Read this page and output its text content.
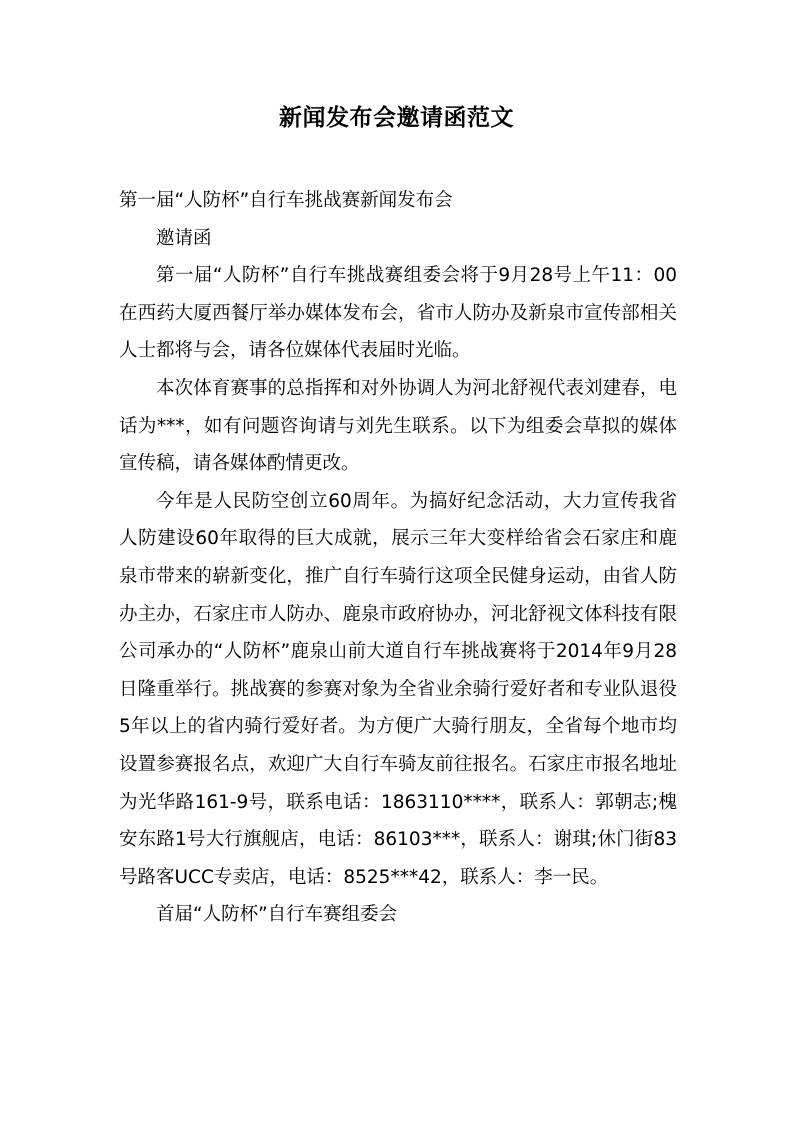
新闻发布会邀请函范文

第一届“人防杯”自行车挑战赛新闻发布会

邀请函

第一届“人防杯”自行车挑战赛组委会将于9月28号上午11：00在西药大厦西餐厅举办媒体发布会，省市人防办及新泉市宣传部相关人士都将与会，请各位媒体代表届时光临。

本次体育赛事的总指挥和对外协调人为河北舒视代表刘建春，电话为***，如有问题咨询请与刘先生联系。以下为组委会草拟的媒体宣传稿，请各媒体酌情更改。

今年是人民防空创立60周年。为搞好纪念活动，大力宣传我省人防建设60年取得的巨大成就，展示三年大变样给省会石家庄和鹿泉市带来的崭新变化，推广自行车骑行这项全民健身运动，由省人防办主办，石家庄市人防办、鹿泉市政府协办，河北舒视文体科技有限公司承办的“人防杯”鹿泉山前大道自行车挑战赛将于2014年9月28日隆重举行。挑战赛的参赛对象为全省业余骑行爱好者和专业队退役5年以上的省内骑行爱好者。为方便广大骑行朋友，全省每个地市均设置参赛报名点，欢迎广大自行车骑友前往报名。石家庄市报名地址为光华路161-9号，联系电话：1863110****，联系人：郭朝志;槐安东路1号大行旗舰店，电话：86103***，联系人：谢琪;休门街83号路客UCC专卖店，电话：8525***42，联系人：李一民。

首届“人防杯”自行车赛组委会
